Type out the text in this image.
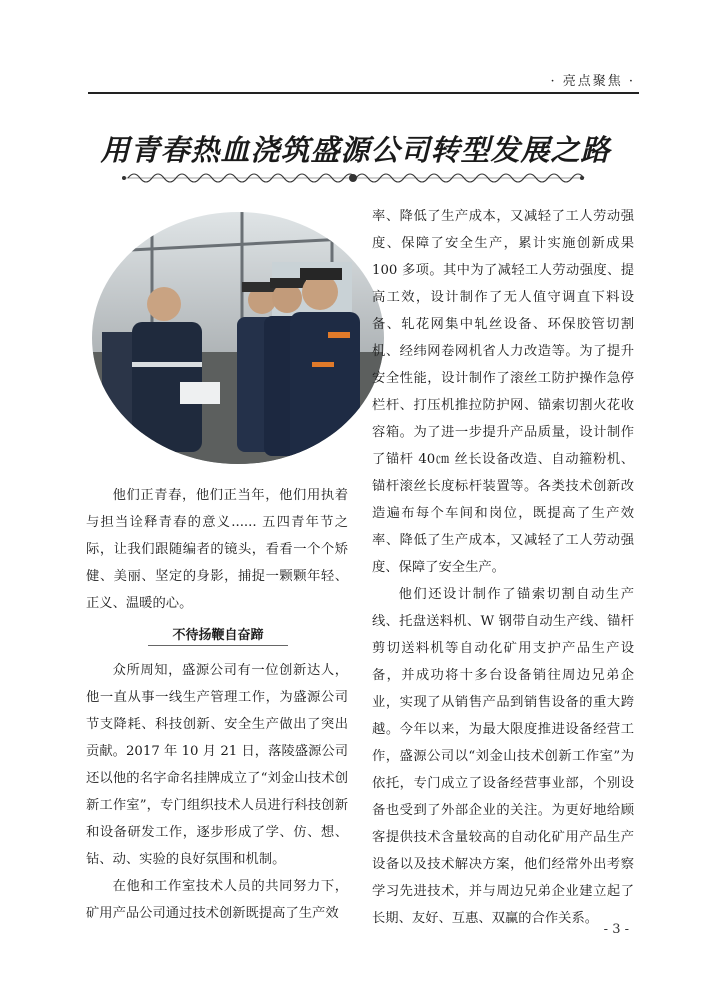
· 亮点聚焦 ·
用青春热血浇筑盛源公司转型发展之路

他们正青春，他们正当年，他们用执着与担当诠释青春的意义...... 五四青年节之际，让我们跟随编者的镜头，看看一个个矫健、美丽、坚定的身影，捕捉一颗颗年轻、正义、温暖的心。

不待扬鞭自奋蹄

众所周知，盛源公司有一位创新达人，他一直从事一线生产管理工作，为盛源公司节支降耗、科技创新、安全生产做出了突出贡献。2017 年 10 月 21 日，落陵盛源公司还以他的名字命名挂牌成立了“刘金山技术创新工作室”，专门组织技术人员进行科技创新和设备研发工作，逐步形成了学、仿、想、钻、动、实验的良好氛围和机制。

在他和工作室技术人员的共同努力下，矿用产品公司通过技术创新既提高了生产效

率、降低了生产成本，又减轻了工人劳动强度、保障了安全生产，累计实施创新成果 100 多项。其中为了减轻工人劳动强度、提高工效，设计制作了无人值守调直下料设备、轧花网集中轧丝设备、环保胶管切割机、经纬网卷网机省人力改造等。为了提升安全性能，设计制作了滚丝工防护操作急停栏杆、打压机推拉防护网、锚索切割火花收容箱。为了进一步提升产品质量，设计制作了锚杆 40㎝ 丝长设备改造、自动箍粉机、锚杆滚丝长度标杆装置等。各类技术创新改造遍布每个车间和岗位，既提高了生产效率、降低了生产成本，又减轻了工人劳动强度、保障了安全生产。

他们还设计制作了锚索切割自动生产线、托盘送料机、W 钢带自动生产线、锚杆剪切送料机等自动化矿用支护产品生产设备，并成功将十多台设备销往周边兄弟企业，实现了从销售产品到销售设备的重大跨越。今年以来，为最大限度推进设备经营工作，盛源公司以“刘金山技术创新工作室”为依托，专门成立了设备经营事业部，个别设备也受到了外部企业的关注。为更好地给顾客提供技术含量较高的自动化矿用产品生产设备以及技术解决方案，他们经常外出考察学习先进技术，并与周边兄弟企业建立起了长期、友好、互惠、双赢的合作关系。

- 3 -
